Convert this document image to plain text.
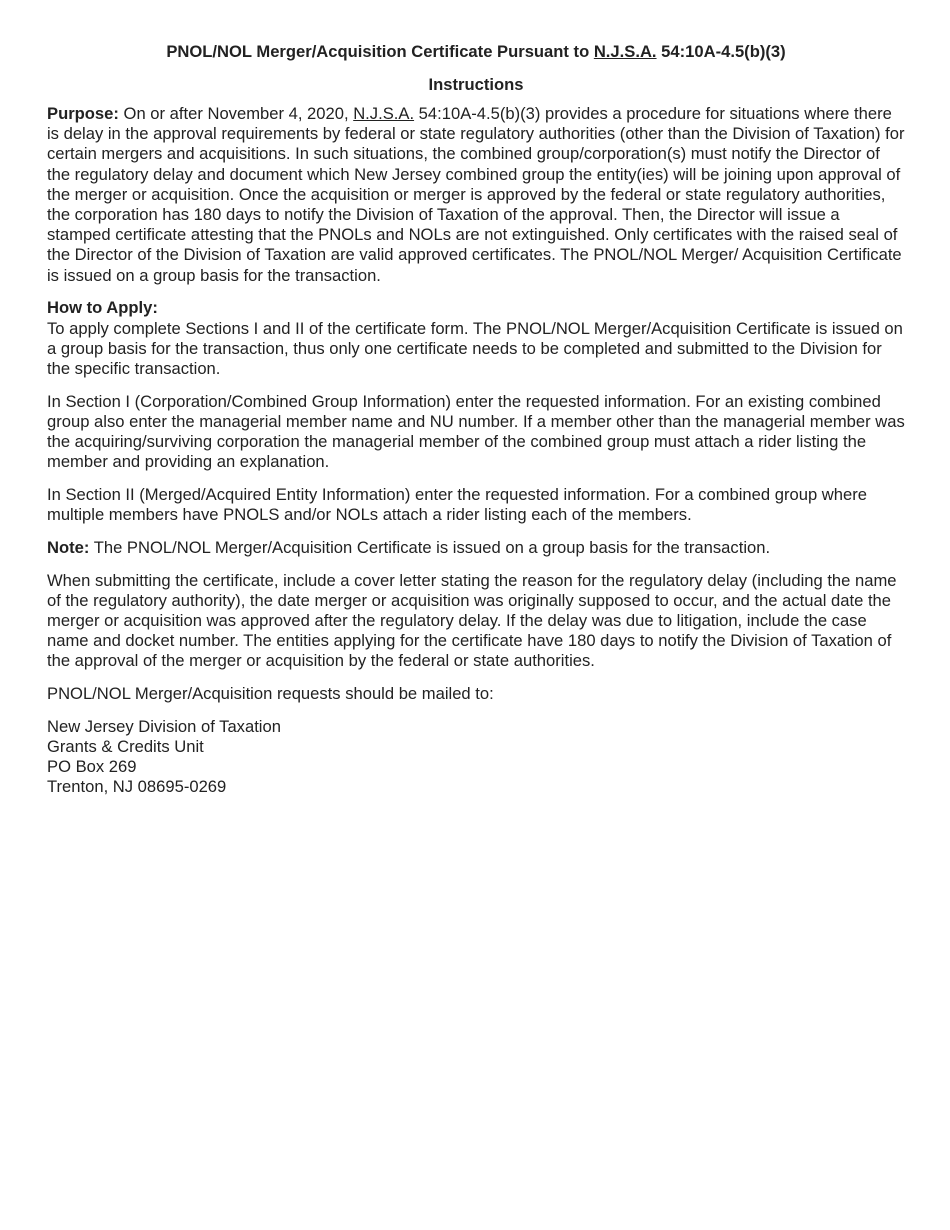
PNOL/NOL Merger/Acquisition Certificate Pursuant to N.J.S.A. 54:10A-4.5(b)(3)
Instructions

Purpose: On or after November 4, 2020, N.J.S.A. 54:10A-4.5(b)(3) provides a procedure for situations where there is delay in the approval requirements by federal or state regulatory authorities (other than the Division of Taxation) for certain mergers and acquisitions. In such situations, the combined group/corporation(s) must notify the Director of the regulatory delay and document which New Jersey combined group the entity(ies) will be joining upon approval of the merger or acquisition. Once the acquisition or merger is approved by the federal or state regulatory authorities, the corporation has 180 days to notify the Division of Taxation of the approval. Then, the Director will issue a stamped certificate attesting that the PNOLs and NOLs are not extinguished. Only certificates with the raised seal of the Director of the Division of Taxation are valid approved certificates. The PNOL/NOL Merger/ Acquisition Certificate is issued on a group basis for the transaction.

How to Apply:
To apply complete Sections I and II of the certificate form. The PNOL/NOL Merger/Acquisition Certificate is issued on a group basis for the transaction, thus only one certificate needs to be completed and submitted to the Division for the specific transaction.

In Section I (Corporation/Combined Group Information) enter the requested information. For an existing combined group also enter the managerial member name and NU number. If a member other than the managerial member was the acquiring/surviving corporation the managerial member of the combined group must attach a rider listing the member and providing an explanation.

In Section II (Merged/Acquired Entity Information) enter the requested information. For a combined group where multiple members have PNOLS and/or NOLs attach a rider listing each of the members.

Note: The PNOL/NOL Merger/Acquisition Certificate is issued on a group basis for the transaction.

When submitting the certificate, include a cover letter stating the reason for the regulatory delay (including the name of the regulatory authority), the date merger or acquisition was originally supposed to occur, and the actual date the merger or acquisition was approved after the regulatory delay. If the delay was due to litigation, include the case name and docket number. The entities applying for the certificate have 180 days to notify the Division of Taxation of the approval of the merger or acquisition by the federal or state authorities.

PNOL/NOL Merger/Acquisition requests should be mailed to:

New Jersey Division of Taxation
Grants & Credits Unit
PO Box 269
Trenton, NJ 08695-0269
